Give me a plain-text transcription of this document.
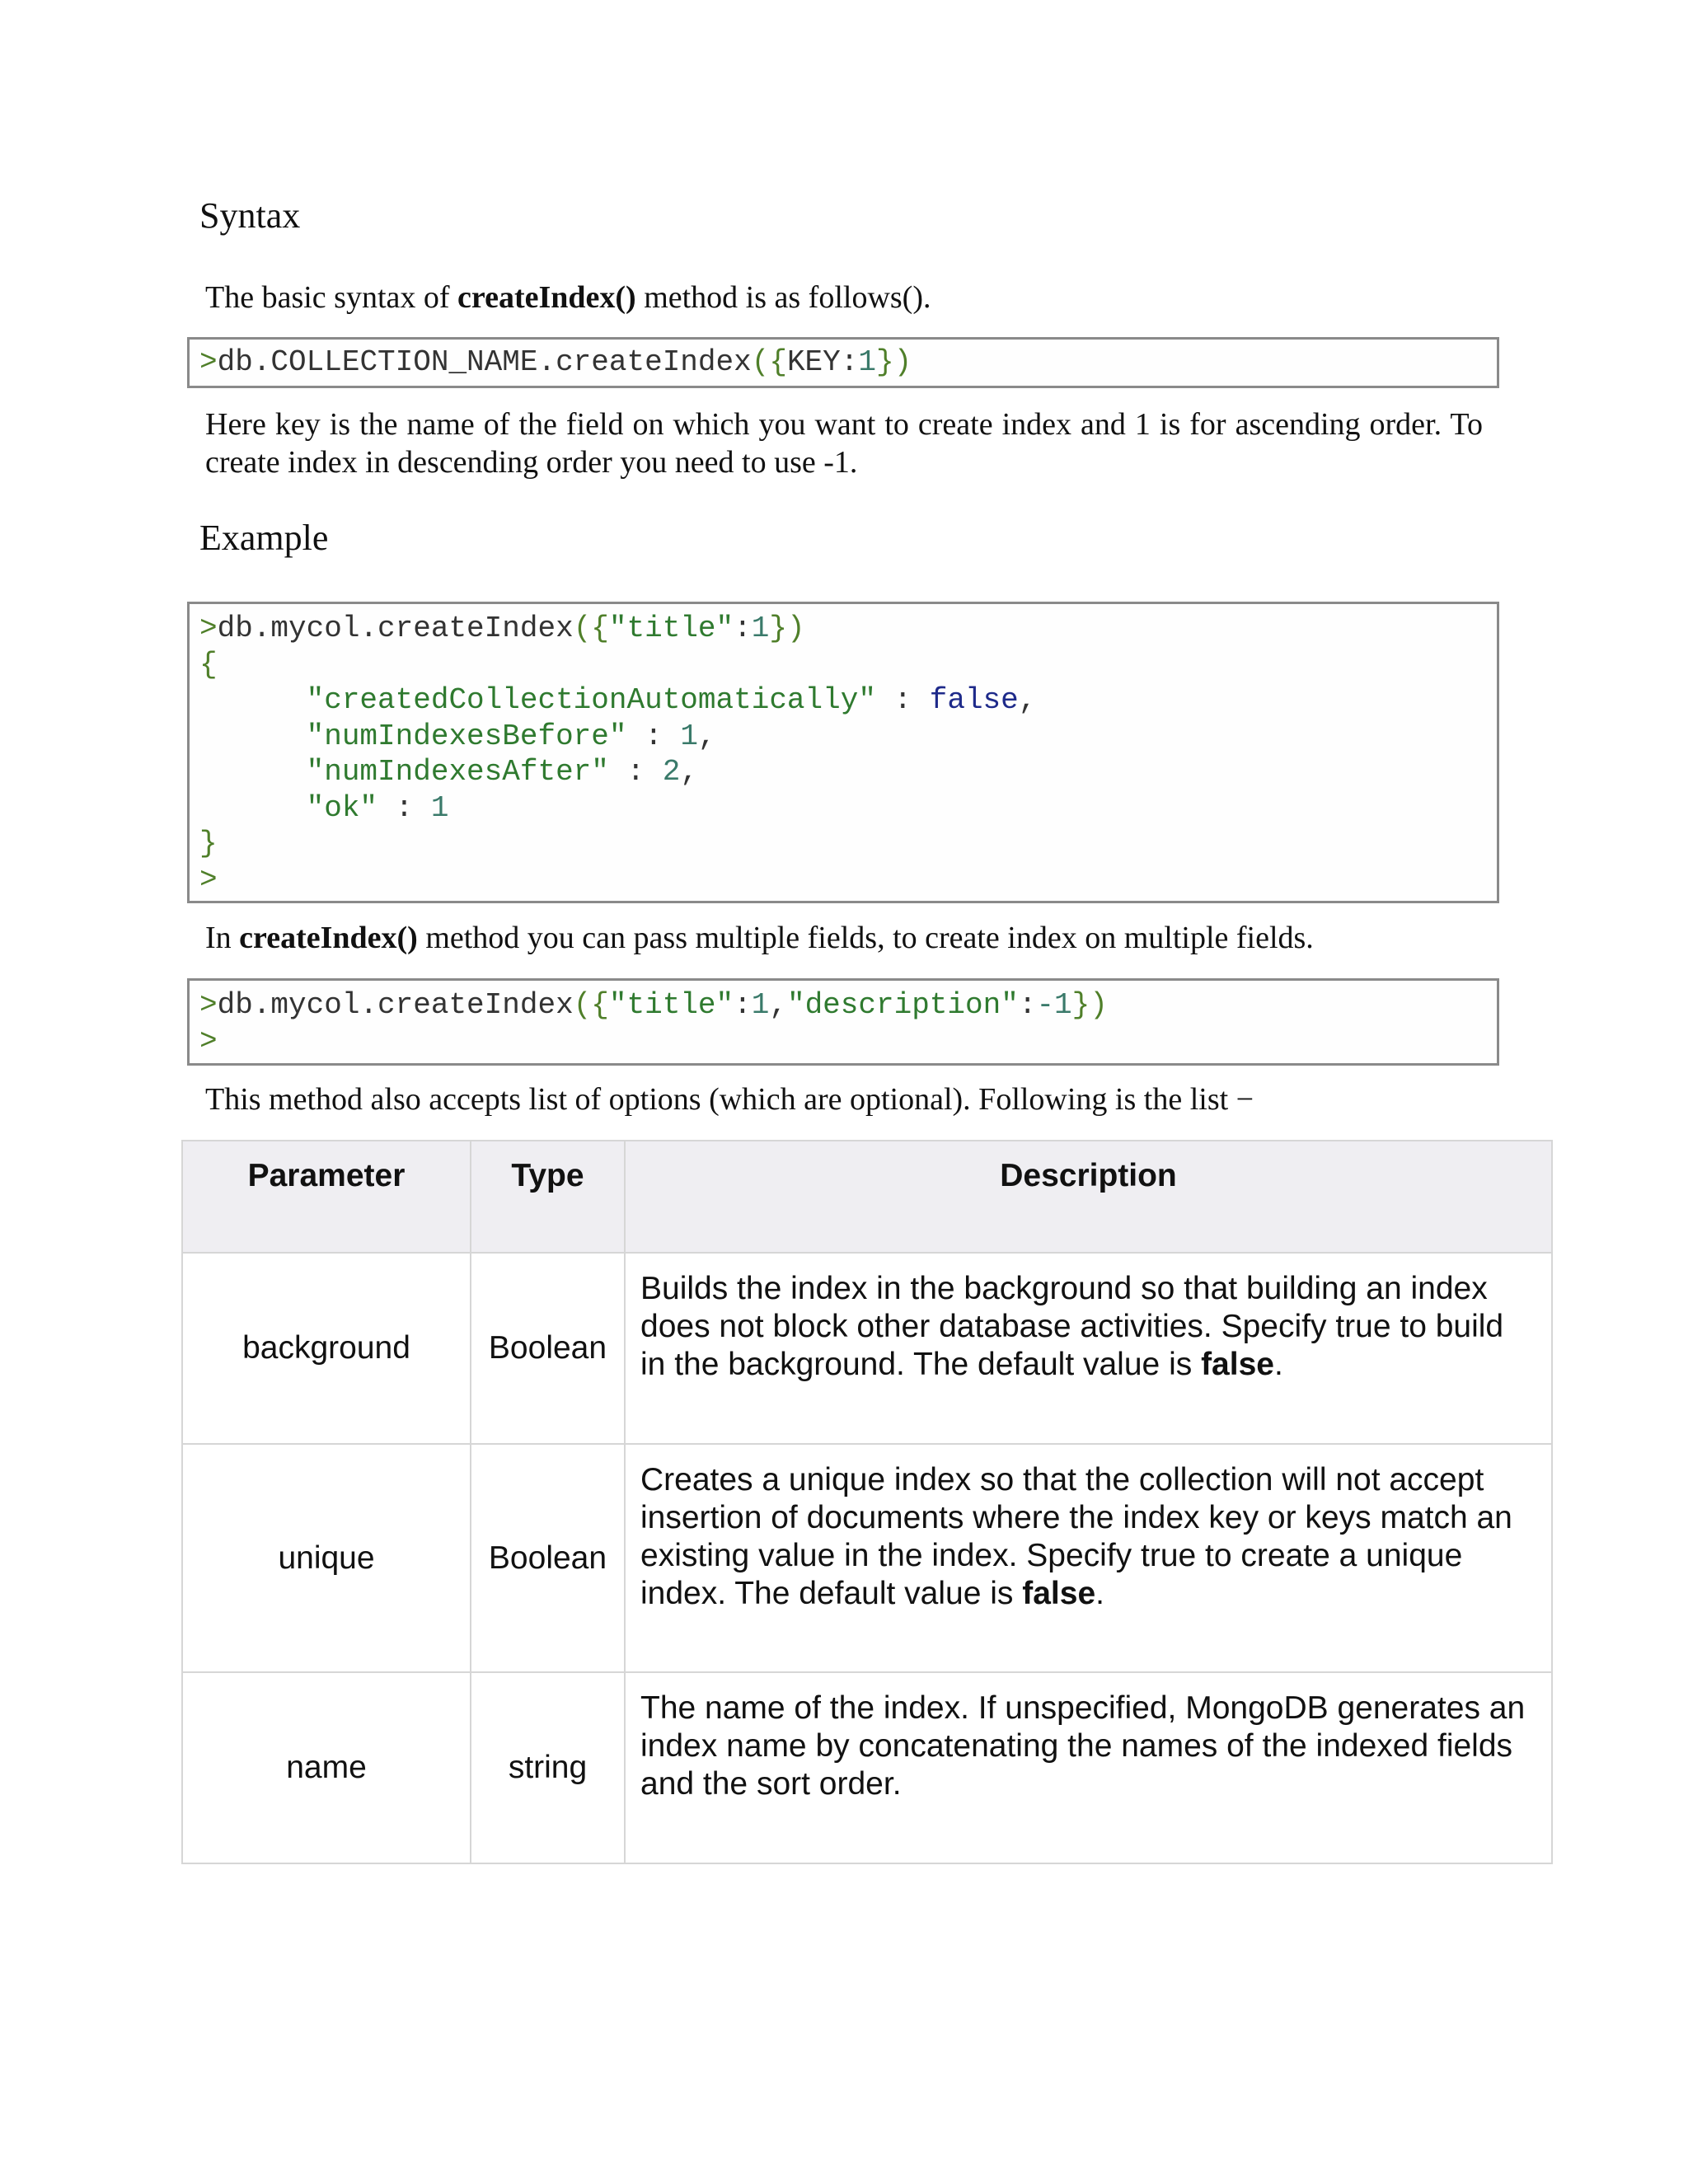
Syntax
The basic syntax of createIndex() method is as follows().
>db.COLLECTION_NAME.createIndex({KEY:1})
Here key is the name of the field on which you want to create index and 1 is for ascending order. To create index in descending order you need to use -1.
Example
>db.mycol.createIndex({"title":1})
{
"createdCollectionAutomatically" : false,
"numIndexesBefore" : 1,
"numIndexesAfter" : 2,
"ok" : 1
}
>
In createIndex() method you can pass multiple fields, to create index on multiple fields.
>db.mycol.createIndex({"title":1,"description":-1})
>
This method also accepts list of options (which are optional). Following is the list −
Parameter	Type	Description
background	Boolean	Builds the index in the background so that building an index does not block other database activities. Specify true to build in the background. The default value is false.
unique	Boolean	Creates a unique index so that the collection will not accept insertion of documents where the index key or keys match an existing value in the index. Specify true to create a unique index. The default value is false.
name	string	The name of the index. If unspecified, MongoDB generates an index name by concatenating the names of the indexed fields and the sort order.
